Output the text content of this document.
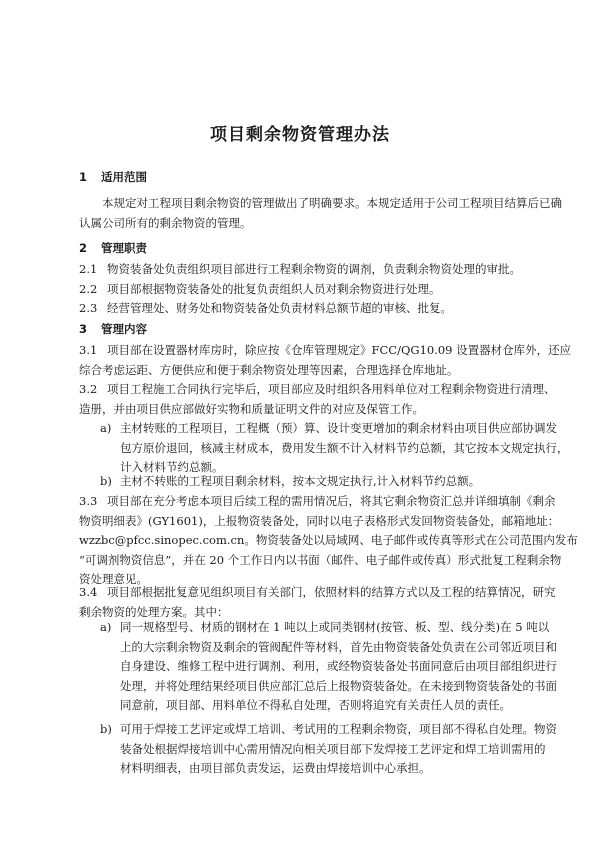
项目剩余物资管理办法
1 适用范围
本规定对工程项目剩余物资的管理做出了明确要求。本规定适用于公司工程项目结算后已确
认属公司所有的剩余物资的管理。
2 管理职责
2.1 物资装备处负责组织项目部进行工程剩余物资的调剂，负责剩余物资处理的审批。
2.2 项目部根据物资装备处的批复负责组织人员对剩余物资进行处理。
2.3 经营管理处、财务处和物资装备处负责材料总额节超的审核、批复。
3 管理内容
3.1 项目部在设置器材库房时，除应按《仓库管理规定》FCC/QG10.09 设置器材仓库外，还应
综合考虑运距、方便供应和便于剩余物资处理等因素，合理选择仓库地址。
3.2 项目工程施工合同执行完毕后，项目部应及时组织各用料单位对工程剩余物资进行清理、
造册，并由项目供应部做好实物和质量证明文件的对应及保管工作。
a) 主材转账的工程项目，工程概（预）算、设计变更增加的剩余材料由项目供应部协调发
包方原价退回，核减主材成本，费用发生额不计入材料节约总额，其它按本文规定执行，
计入材料节约总额。
b) 主材不转账的工程项目剩余材料，按本文规定执行,计入材料节约总额。
3.3 项目部在充分考虑本项目后续工程的需用情况后，将其它剩余物资汇总并详细填制《剩余
物资明细表》(GY1601)，上报物资装备处，同时以电子表格形式发回物资装备处，邮箱地址：
wzzbc@pfcc.sinopec.com.cn。物资装备处以局域网、电子邮件或传真等形式在公司范围内发布
“可调剂物资信息”，并在 20 个工作日内以书面（邮件、电子邮件或传真）形式批复工程剩余物
资处理意见。
3.4 项目部根据批复意见组织项目有关部门，依照材料的结算方式以及工程的结算情况，研究
剩余物资的处理方案。其中：
a) 同一规格型号、材质的钢材在 1 吨以上或同类钢材(按管、板、型、线分类)在 5 吨以
上的大宗剩余物资及剩余的管阀配件等材料，首先由物资装备处负责在公司邻近项目和
自身建设、维修工程中进行调剂、利用，或经物资装备处书面同意后由项目部组织进行
处理，并将处理结果经项目供应部汇总后上报物资装备处。在未接到物资装备处的书面
同意前，项目部、用料单位不得私自处理，否则将追究有关责任人员的责任。
b) 可用于焊接工艺评定或焊工培训、考试用的工程剩余物资，项目部不得私自处理。物资
装备处根据焊接培训中心需用情况向相关项目部下发焊接工艺评定和焊工培训需用的
材料明细表，由项目部负责发运，运费由焊接培训中心承担。
